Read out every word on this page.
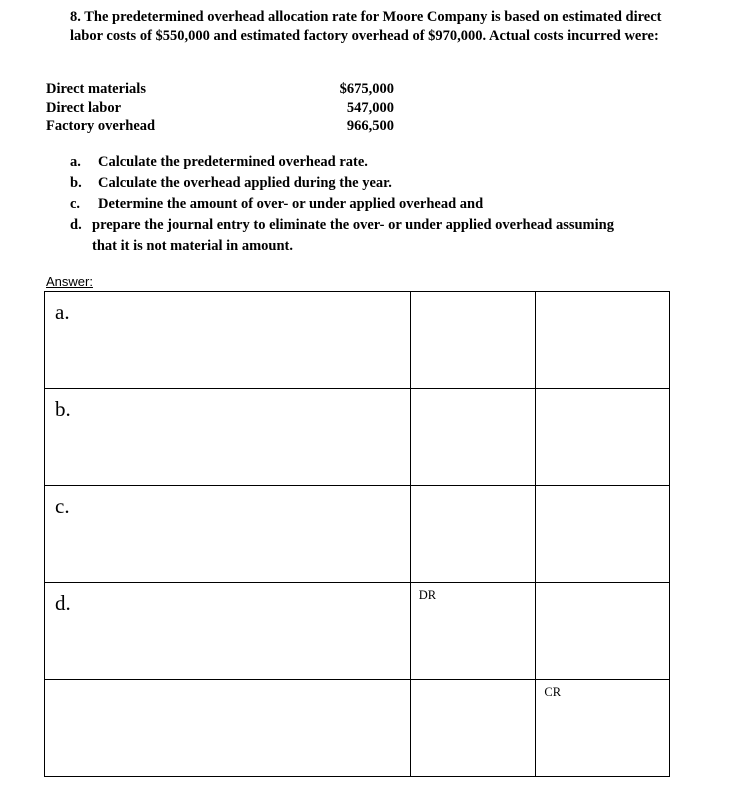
8. The predetermined overhead allocation rate for Moore Company is based on estimated direct labor costs of $550,000 and estimated factory overhead of $970,000. Actual costs incurred were:
Direct materials	$675,000
Direct labor	547,000
Factory overhead	966,500
a.	Calculate the predetermined overhead rate.
b.	Calculate the overhead applied during the year.
c.	Determine the amount of over- or under applied overhead and
d. prepare the journal entry to eliminate the over- or under applied overhead assuming that it is not material in amount.
Answer:
a.		

b.		

c.		

d.	DR	

		CR
